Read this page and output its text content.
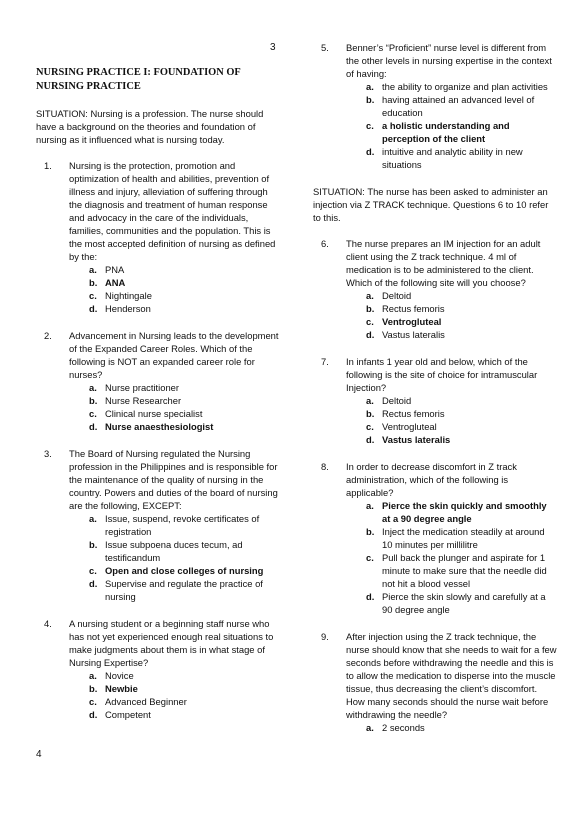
3
NURSING PRACTICE I: FOUNDATION OF NURSING PRACTICE
SITUATION: Nursing is a profession. The nurse should have a background on the theories and foundation of nursing as it influenced what is nursing today.
1.	Nursing is the protection, promotion and optimization of health and abilities, prevention of illness and injury, alleviation of suffering through the diagnosis and treatment of human response and advocacy in the care of the individuals, families, communities and the population. This is the most accepted definition of nursing as defined by the:
a. PNA
b. ANA
c. Nightingale
d. Henderson
2.	Advancement in Nursing leads to the development of the Expanded Career Roles. Which of the following is NOT an expanded career role for nurses?
a. Nurse practitioner
b. Nurse Researcher
c. Clinical nurse specialist
d. Nurse anaesthesiologist
3.	The Board of Nursing regulated the Nursing profession in the Philippines and is responsible for the maintenance of the quality of nursing in the country. Powers and duties of the board of nursing are the following, EXCEPT:
a. Issue, suspend, revoke certificates of registration
b. Issue subpoena duces tecum, ad testificandum
c. Open and close colleges of nursing
d. Supervise and regulate the practice of nursing
4.	A nursing student or a beginning staff nurse who has not yet experienced enough real situations to make judgments about them is in what stage of Nursing Expertise?
a. Novice
b. Newbie
c. Advanced Beginner
d. Competent
5.	Benner’s “Proficient” nurse level is different from the other levels in nursing expertise in the context of having:
a. the ability to organize and plan activities
b. having attained an advanced level of education
c. a holistic understanding and perception of the client
d. intuitive and analytic ability in new situations
SITUATION: The nurse has been asked to administer an injection via Z TRACK technique. Questions 6 to 10 refer to this.
6.	The nurse prepares an IM injection for an adult client using the Z track technique. 4 ml of medication is to be administered to the client. Which of the following site will you choose?
a. Deltoid
b. Rectus femoris
c. Ventrogluteal
d. Vastus lateralis
7.	In infants 1 year old and below, which of the following is the site of choice for intramuscular Injection?
a. Deltoid
b. Rectus femoris
c. Ventrogluteal
d. Vastus lateralis
8.	In order to decrease discomfort in Z track administration, which of the following is applicable?
a. Pierce the skin quickly and smoothly at a 90 degree angle
b. Inject the medication steadily at around 10 minutes per millilitre
c. Pull back the plunger and aspirate for 1 minute to make sure that the needle did not hit a blood vessel
d. Pierce the skin slowly and carefully at a 90 degree angle
9.	After injection using the Z track technique, the nurse should know that she needs to wait for a few seconds before withdrawing the needle and this is to allow the medication to disperse into the muscle tissue, thus decreasing the client’s discomfort. How many seconds should the nurse wait before withdrawing the needle?
a. 2 seconds
4
